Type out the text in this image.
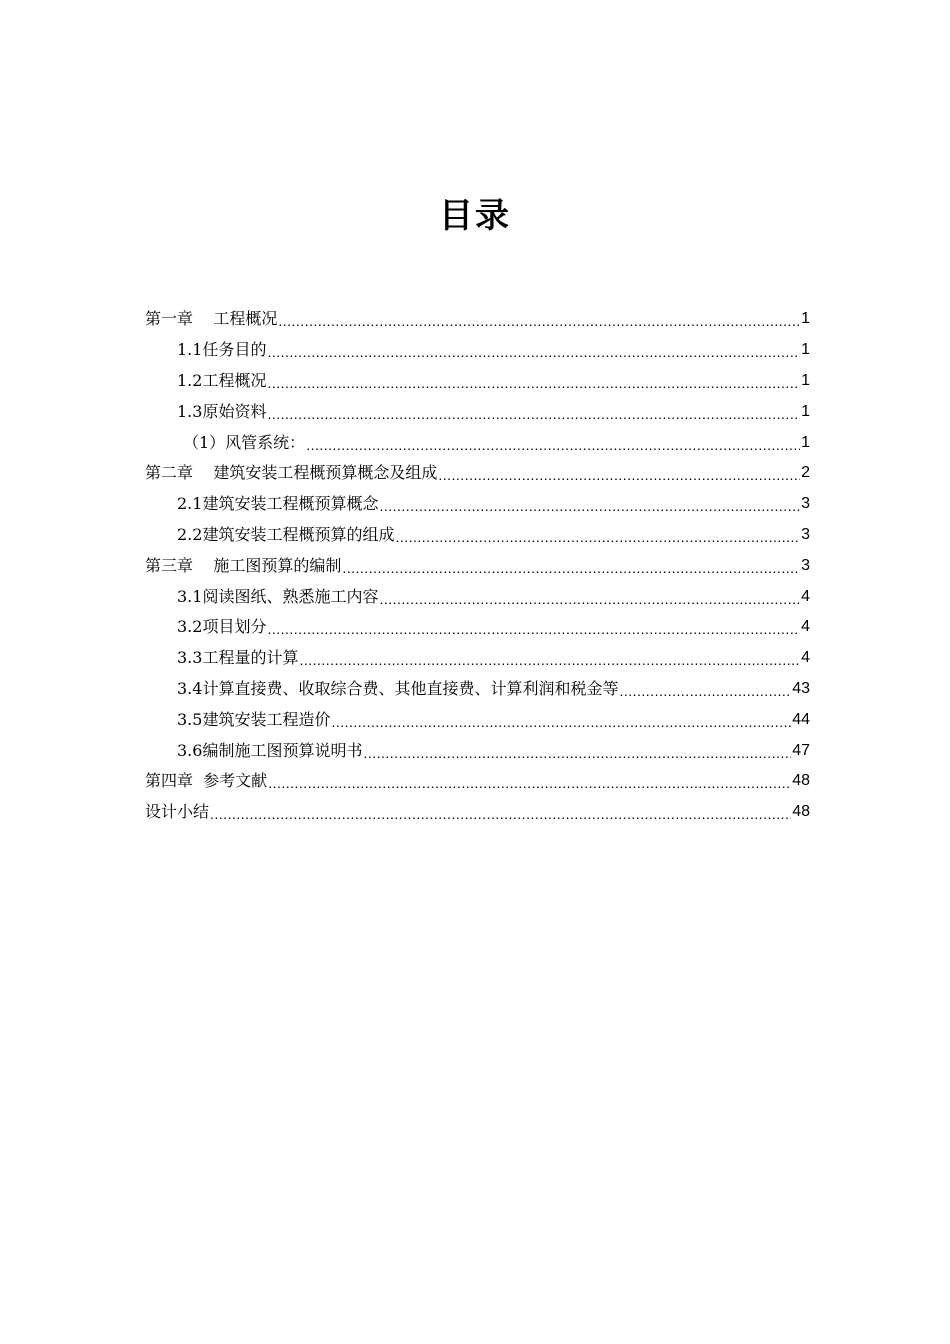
目录
第一章    工程概况 .....	1
1.1任务目的 .....	1
1.2工程概况 .....	1
1.3原始资料 .....	1
（1）风管系统： .....	1
第二章    建筑安装工程概预算概念及组成 .....	2
2.1建筑安装工程概预算概念 .....	3
2.2建筑安装工程概预算的组成 .....	3
第三章    施工图预算的编制 .....	3
3.1阅读图纸、熟悉施工内容 .....	4
3.2项目划分 .....	4
3.3工程量的计算 .....	4
3.4计算直接费、收取综合费、其他直接费、计算利润和税金等 .....	43
3.5建筑安装工程造价 .....	44
3.6编制施工图预算说明书 .....	47
第四章  参考文献 .....	48
设计小结 .....	48
